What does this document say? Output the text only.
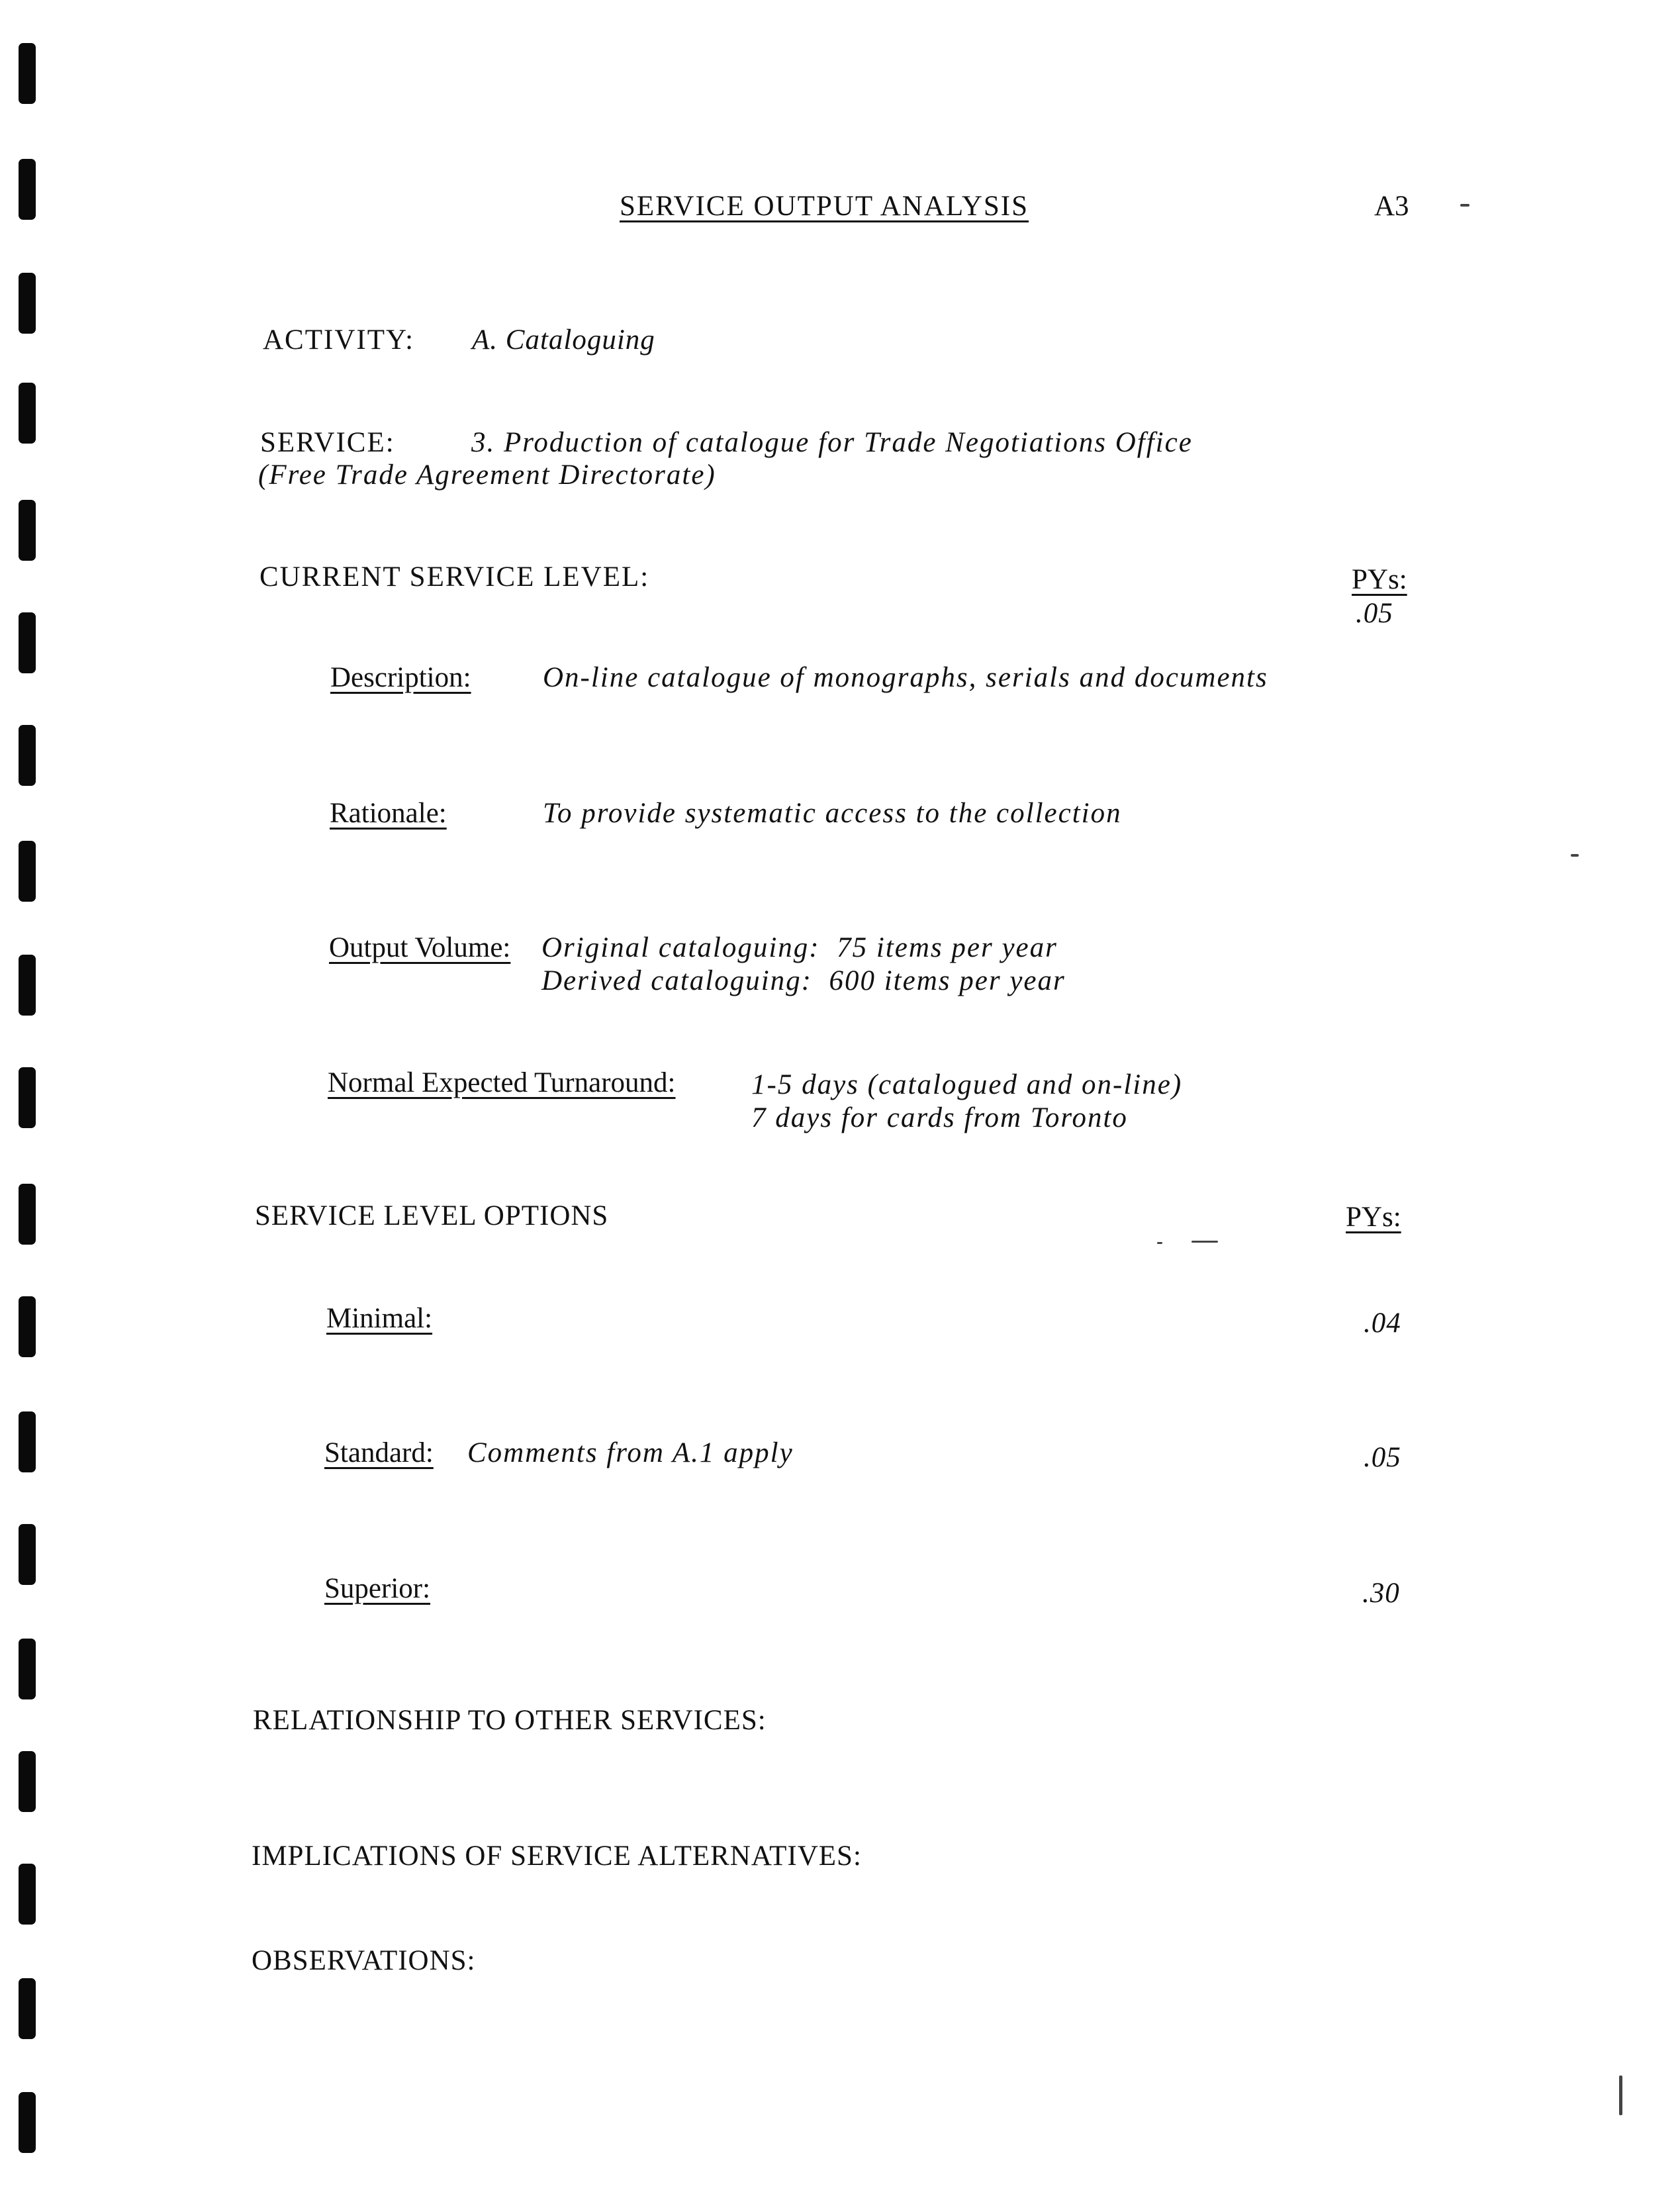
SERVICE OUTPUT ANALYSIS	A3
ACTIVITY: A. Cataloguing
SERVICE:	3. Production of catalogue for Trade Negotiations Office
(Free Trade Agreement Directorate)
CURRENT SERVICE LEVEL:	PYs:
.05
Description:	On-line catalogue of monographs, serials and documents
Rationale:	To provide systematic access to the collection
Output Volume: Original cataloguing:  75 items per year
Derived cataloguing:  600 items per year
Normal Expected Turnaround:	1-5 days (catalogued and on-line)
7 days for cards from Toronto
SERVICE LEVEL OPTIONS	PYs:
Minimal:	.04
Standard: Comments from A.1 apply	.05
Superior:	.30
RELATIONSHIP TO OTHER SERVICES:
IMPLICATIONS OF SERVICE ALTERNATIVES:
OBSERVATIONS:
